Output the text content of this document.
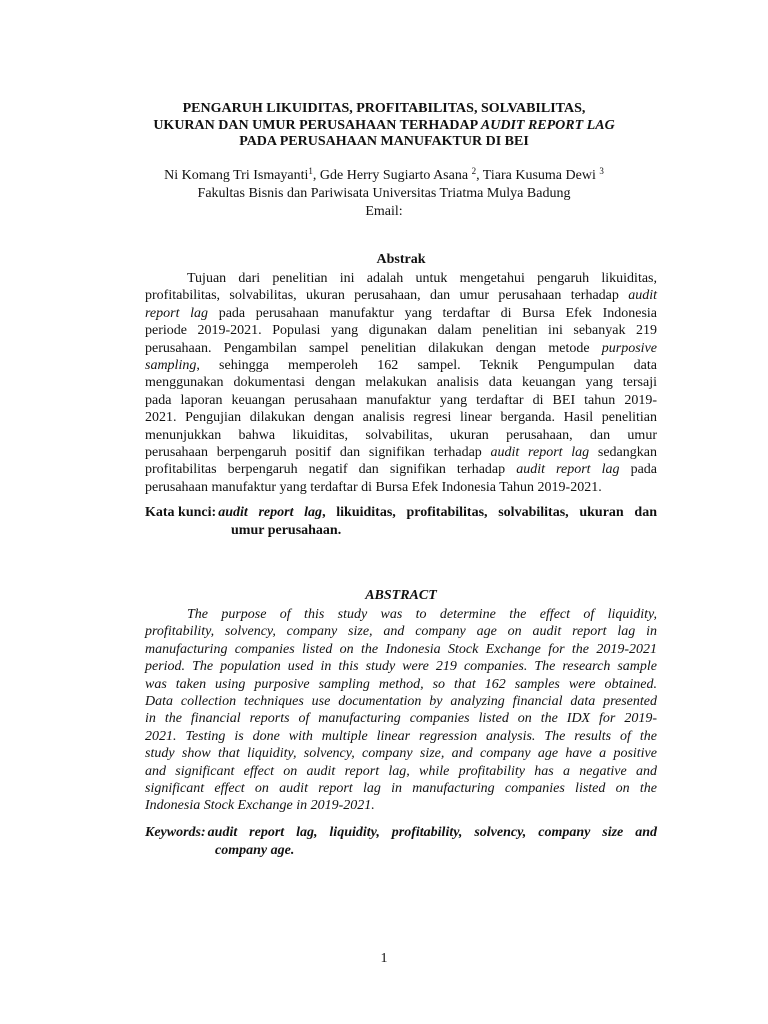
PENGARUH LIKUIDITAS, PROFITABILITAS, SOLVABILITAS,
UKURAN DAN UMUR PERUSAHAAN TERHADAP AUDIT REPORT LAG
PADA PERUSAHAAN MANUFAKTUR DI BEI
Ni Komang Tri Ismayanti$^1$, Gde Herry Sugiarto Asana $^2$, Tiara Kusuma Dewi $^3$
Fakultas Bisnis dan Pariwisata Universitas Triatma Mulya Badung
Email:
Abstrak
Tujuan dari penelitian ini adalah untuk mengetahui pengaruh likuiditas,
profitabilitas, solvabilitas, ukuran perusahaan, dan umur perusahaan terhadap audit
report lag pada perusahaan manufaktur yang terdaftar di Bursa Efek Indonesia
periode 2019-2021. Populasi yang digunakan dalam penelitian ini sebanyak 219
perusahaan. Pengambilan sampel penelitian dilakukan dengan metode purposive
sampling, sehingga memperoleh 162 sampel. Teknik Pengumpulan data
menggunakan dokumentasi dengan melakukan analisis data keuangan yang tersaji
pada laporan keuangan perusahaan manufaktur yang terdaftar di BEI tahun 2019-
2021. Pengujian dilakukan dengan analisis regresi linear berganda. Hasil penelitian
menunjukkan bahwa likuiditas, solvabilitas, ukuran perusahaan, dan umur
perusahaan berpengaruh positif dan signifikan terhadap audit report lag sedangkan
profitabilitas berpengaruh negatif dan signifikan terhadap audit report lag pada
perusahaan manufaktur yang terdaftar di Bursa Efek Indonesia Tahun 2019-2021.
Kata kunci: audit report lag, likuiditas, profitabilitas, solvabilitas, ukuran dan
umur perusahaan.
ABSTRACT
The purpose of this study was to determine the effect of liquidity,
profitability, solvency, company size, and company age on audit report lag in
manufacturing companies listed on the Indonesia Stock Exchange for the 2019-2021
period. The population used in this study were 219 companies. The research sample
was taken using purposive sampling method, so that 162 samples were obtained.
Data collection techniques use documentation by analyzing financial data presented
in the financial reports of manufacturing companies listed on the IDX for 2019-
2021. Testing is done with multiple linear regression analysis. The results of the
study show that liquidity, solvency, company size, and company age have a positive
and significant effect on audit report lag, while profitability has a negative and
significant effect on audit report lag in manufacturing companies listed on the
Indonesia Stock Exchange in 2019-2021.
Keywords: audit report lag, liquidity, profitability, solvency, company size and
company age.
1
